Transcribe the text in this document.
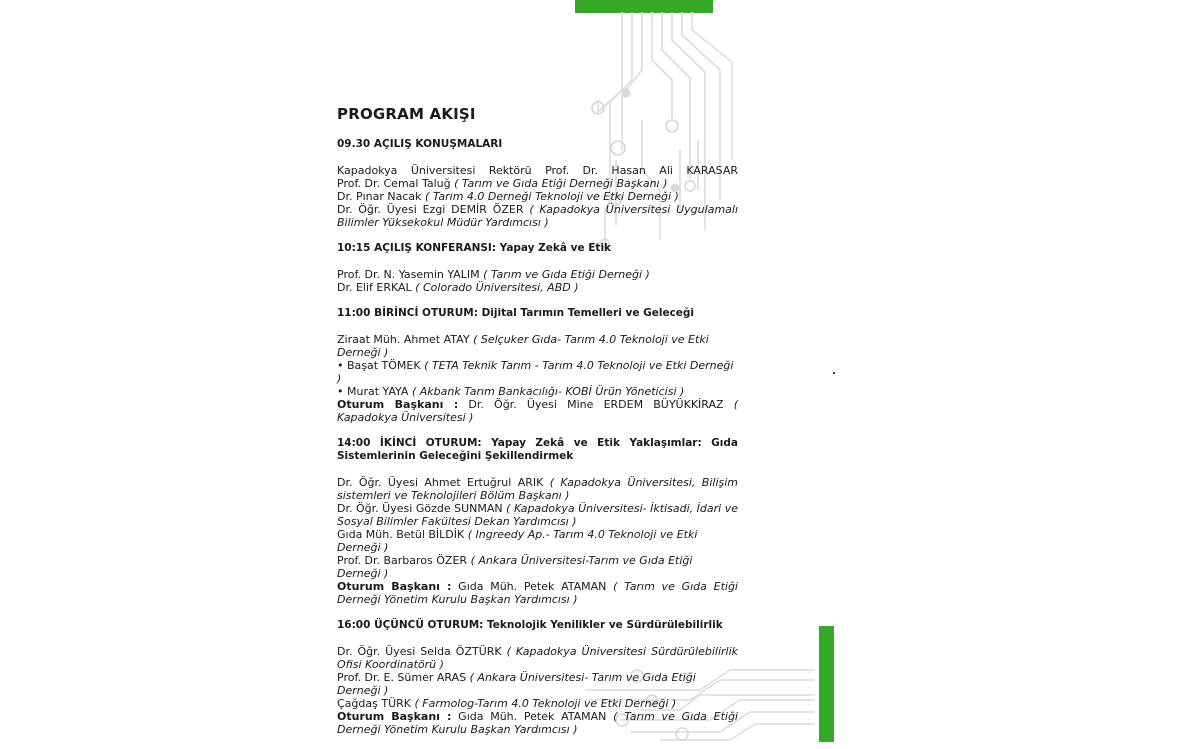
PROGRAM AKIŞI
09.30 AÇILIŞ KONUŞMALARI
Kapadokya Üniversitesi Rektörü Prof. Dr. Hasan Ali KARASAR
Prof. Dr. Cemal Taluğ ( Tarım ve Gıda Etiği Derneği Başkanı )
Dr. Pınar Nacak ( Tarım 4.0 Derneği Teknoloji ve Etki Derneği )
Dr. Öğr. Üyesi Ezgi DEMİR ÖZER ( Kapadokya Üniversitesi Uygulamalı Bilimler Yüksekokul Müdür Yardımcısı )
10:15 AÇILIŞ KONFERANSI: Yapay Zekâ ve Etik
Prof. Dr. N. Yasemin YALIM ( Tarım ve Gıda Etiği Derneği )
Dr. Elif ERKAL ( Colorado Üniversitesi, ABD )
11:00 BİRİNCİ OTURUM: Dijital Tarımın Temelleri ve Geleceği
Ziraat Müh. Ahmet ATAY ( Selçuker Gıda- Tarım 4.0 Teknoloji ve Etki Derneği )
• Başat TÖMEK ( TETA Teknik Tarım - Tarım 4.0 Teknoloji ve Etki Derneği )
• Murat YAYA ( Akbank Tarım Bankacılığı- KOBİ Ürün Yöneticisi )
Oturum Başkanı : Dr. Öğr. Üyesi Mine ERDEM BÜYÜKKİRAZ ( Kapadokya Üniversitesi )
14:00 İKİNCİ OTURUM: Yapay Zekâ ve Etik Yaklaşımlar: Gıda Sistemlerinin Geleceğini Şekillendirmek
Dr. Öğr. Üyesi Ahmet Ertuğrul ARIK ( Kapadokya Üniversitesi, Bilişim sistemleri ve Teknolojileri Bölüm Başkanı )
Dr. Öğr. Üyesi Gözde SUNMAN ( Kapadokya Üniversitesi- İktisadi, İdari ve Sosyal Bilimler Fakültesi Dekan Yardımcısı )
Gıda Müh. Betül BİLDİK ( Ingreedy Ap.- Tarım 4.0 Teknoloji ve Etki Derneği )
Prof. Dr. Barbaros ÖZER ( Ankara Üniversitesi-Tarım ve Gıda Etiği Derneği )
Oturum Başkanı : Gıda Müh. Petek ATAMAN ( Tarım ve Gıda Etiği Derneği Yönetim Kurulu Başkan Yardımcısı )
16:00 ÜÇÜNCÜ OTURUM: Teknolojik Yenilikler ve Sürdürülebilirlik
Dr. Öğr. Üyesi Selda ÖZTÜRK ( Kapadokya Üniversitesi Sürdürülebilirlik Ofisi Koordinatörü )
Prof. Dr. E. Sümer ARAS ( Ankara Üniversitesi- Tarım ve Gıda Etiği Derneği )
Çağdaş TÜRK ( Farmolog-Tarım 4.0 Teknoloji ve Etki Derneği )
Oturum Başkanı : Gıda Müh. Petek ATAMAN ( Tarım ve Gıda Etiği Derneği Yönetim Kurulu Başkan Yardımcısı )
